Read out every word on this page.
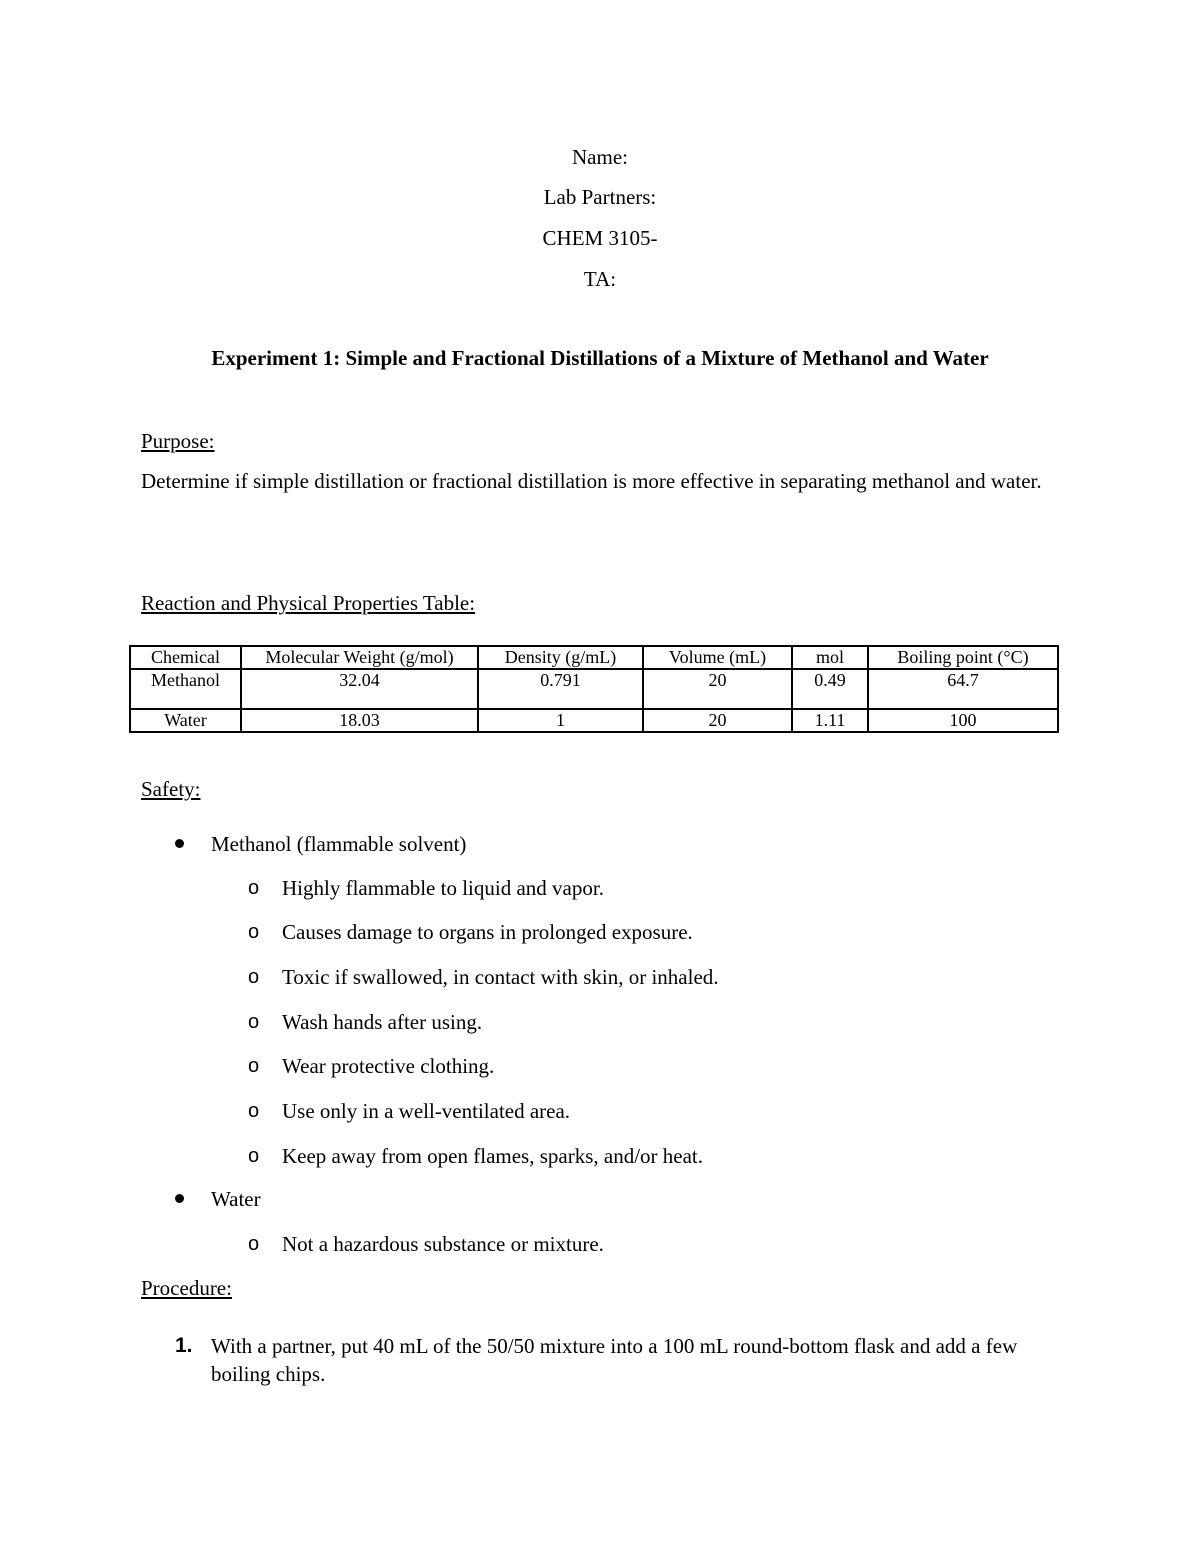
Name:
Lab Partners:
CHEM 3105-
TA:
Experiment 1: Simple and Fractional Distillations of a Mixture of Methanol and Water
Purpose:
Determine if simple distillation or fractional distillation is more effective in separating methanol and water.
Reaction and Physical Properties Table:
Chemical	Molecular Weight (g/mol)	Density (g/mL)	Volume (mL)	mol	Boiling point (°C)
Methanol	32.04	0.791	20	0.49	64.7
Water	18.03	1	20	1.11	100
Safety:
Methanol (flammable solvent)
o Highly flammable to liquid and vapor.
o Causes damage to organs in prolonged exposure.
o Toxic if swallowed, in contact with skin, or inhaled.
o Wash hands after using.
o Wear protective clothing.
o Use only in a well-ventilated area.
o Keep away from open flames, sparks, and/or heat.
Water
o Not a hazardous substance or mixture.
Procedure:
1. With a partner, put 40 mL of the 50/50 mixture into a 100 mL round-bottom flask and add a few boiling chips.
